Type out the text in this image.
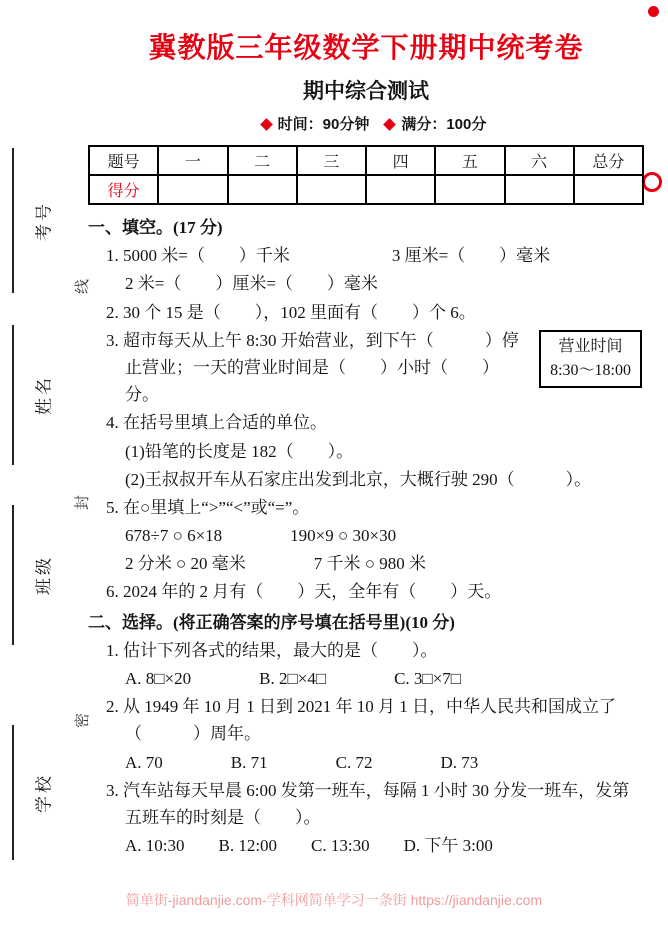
考号
线
姓名
封
班级
密
学校
冀教版三年级数学下册期中统考卷
期中综合测试
时间：90分钟 满分：100分
题号	一	二	三	四	五	六	总分
得分							
一、填空。(17 分)
1. 5000 米=（　　）千米　　　　　　3 厘米=（　　）毫米
2 米=（　　）厘米=（　　）毫米
2. 30 个 15 是（　　），102 里面有（　　）个 6。
营业时间
8:30～18:00
3. 超市每天从上午 8:30 开始营业，到下午（　　　）停止营业；一天的营业时间是（　　）小时（　　）分。
4. 在括号里填上合适的单位。
(1)铅笔的长度是 182（　　）。
(2)王叔叔开车从石家庄出发到北京，大概行驶 290（　　　）。
5. 在○里填上“>”“<”或“=”。
678÷7 ○ 6×18　　　　190×9 ○ 30×30
2 分米 ○ 20 毫米　　　　7 千米 ○ 980 米
6. 2024 年的 2 月有（　　）天，全年有（　　）天。
二、选择。(将正确答案的序号填在括号里)(10 分)
1. 估计下列各式的结果，最大的是（　　）。
A. 8□×20　　　　B. 2□×4□　　　　C. 3□×7□
2. 从 1949 年 10 月 1 日到 2021 年 10 月 1 日，中华人民共和国成立了（　　　）周年。
A. 70　　　　B. 71　　　　C. 72　　　　D. 73
3. 汽车站每天早晨 6:00 发第一班车，每隔 1 小时 30 分发一班车，发第五班车的时刻是（　　）。
A. 10:30　　B. 12:00　　C. 13:30　　D. 下午 3:00
简单街-jiandanjie.com-学科网简单学习一条街 https://jiandanjie.com
